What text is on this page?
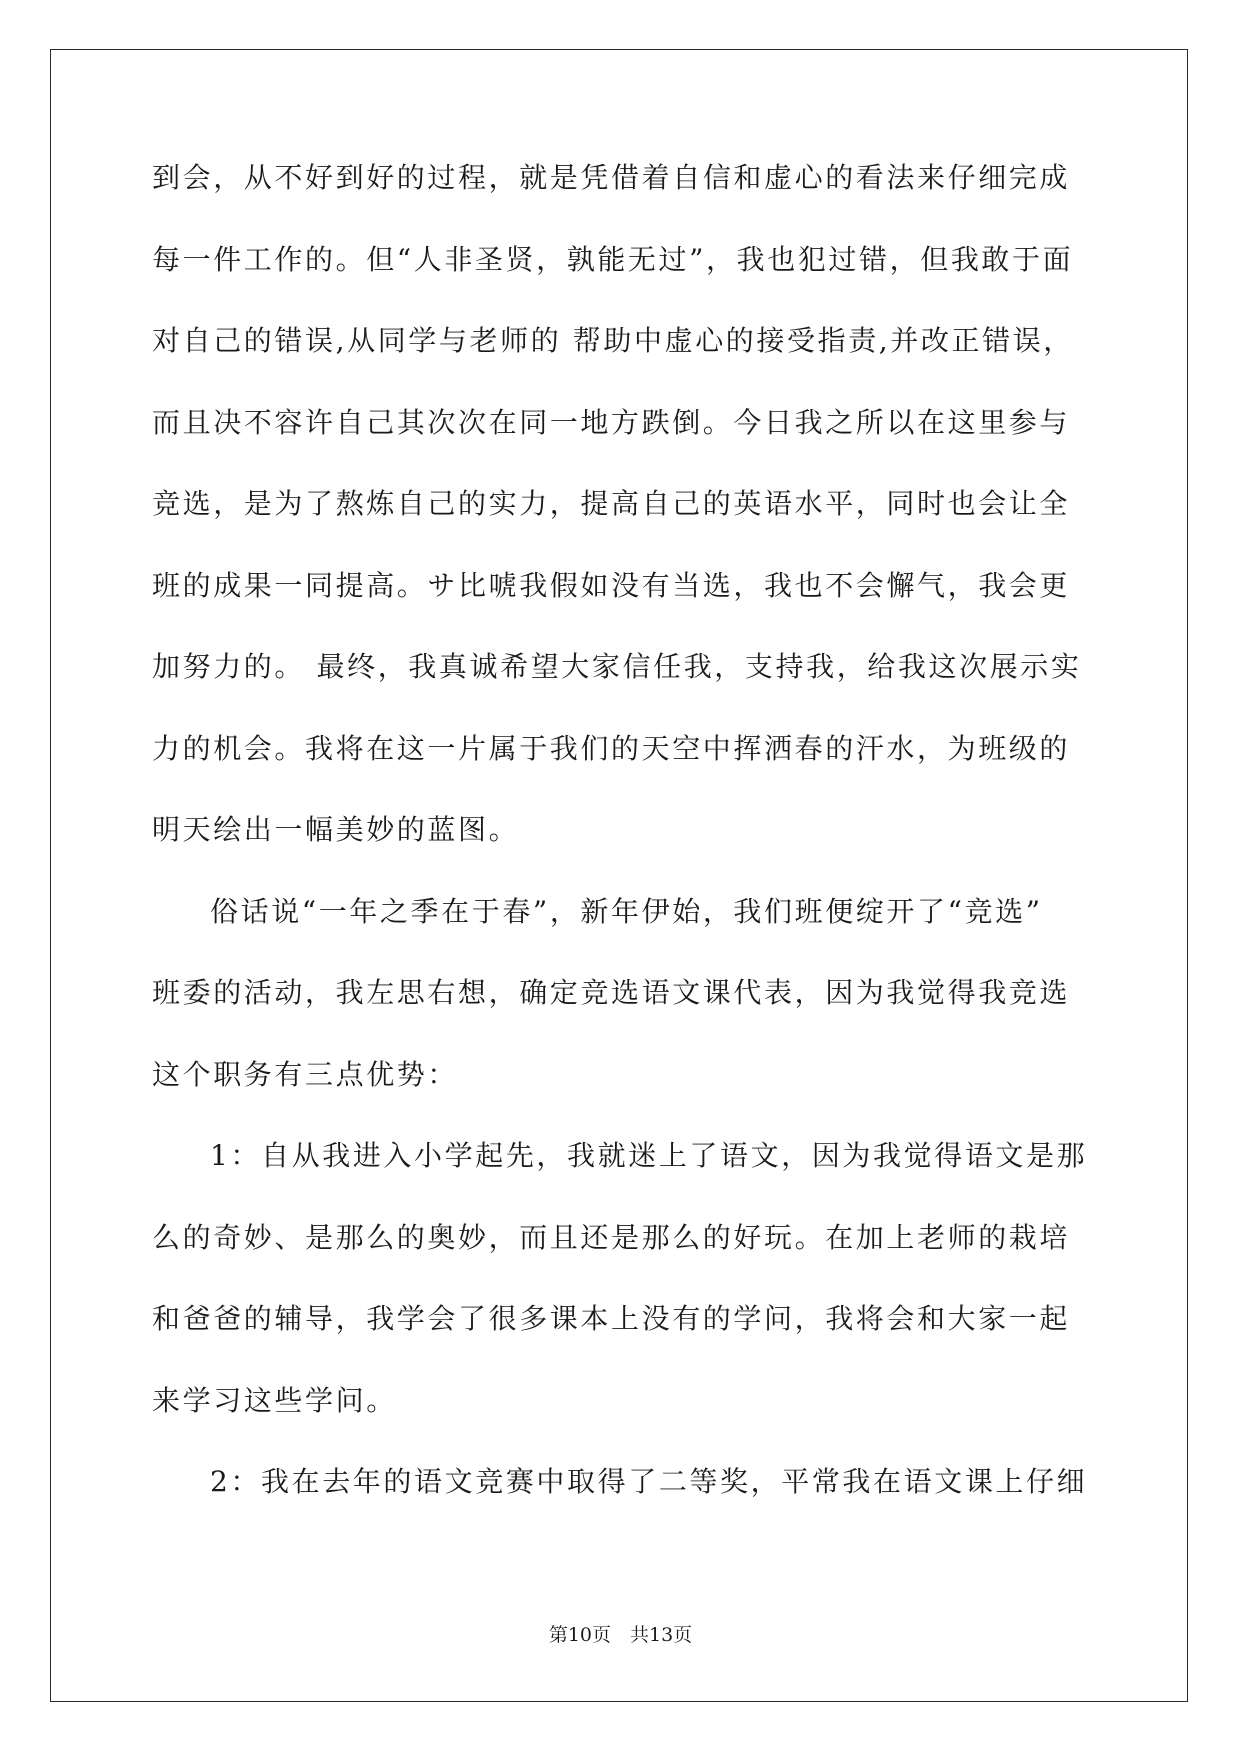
到会，从不好到好的过程，就是凭借着自信和虚心的看法来仔细完成
每一件工作的。但“人非圣贤，孰能无过”，我也犯过错，但我敢于面
对自己的错误,从同学与老师的 帮助中虚心的接受指责,并改正错误，
而且决不容许自己其次次在同一地方跌倒。今日我之所以在这里参与
竞选，是为了熬炼自己的实力，提高自己的英语水平，同时也会让全
班的成果一同提高。サ比唬我假如没有当选，我也不会懈气，我会更
加努力的。 最终，我真诚希望大家信任我，支持我，给我这次展示实
力的机会。我将在这一片属于我们的天空中挥洒春的汗水，为班级的
明天绘出一幅美妙的蓝图。
俗话说“一年之季在于春”，新年伊始，我们班便绽开了“竞选”
班委的活动，我左思右想，确定竞选语文课代表，因为我觉得我竞选
这个职务有三点优势：
1：自从我进入小学起先，我就迷上了语文，因为我觉得语文是那
么的奇妙、是那么的奥妙，而且还是那么的好玩。在加上老师的栽培
和爸爸的辅导，我学会了很多课本上没有的学问，我将会和大家一起
来学习这些学问。
2：我在去年的语文竞赛中取得了二等奖，平常我在语文课上仔细
第10页　共13页
